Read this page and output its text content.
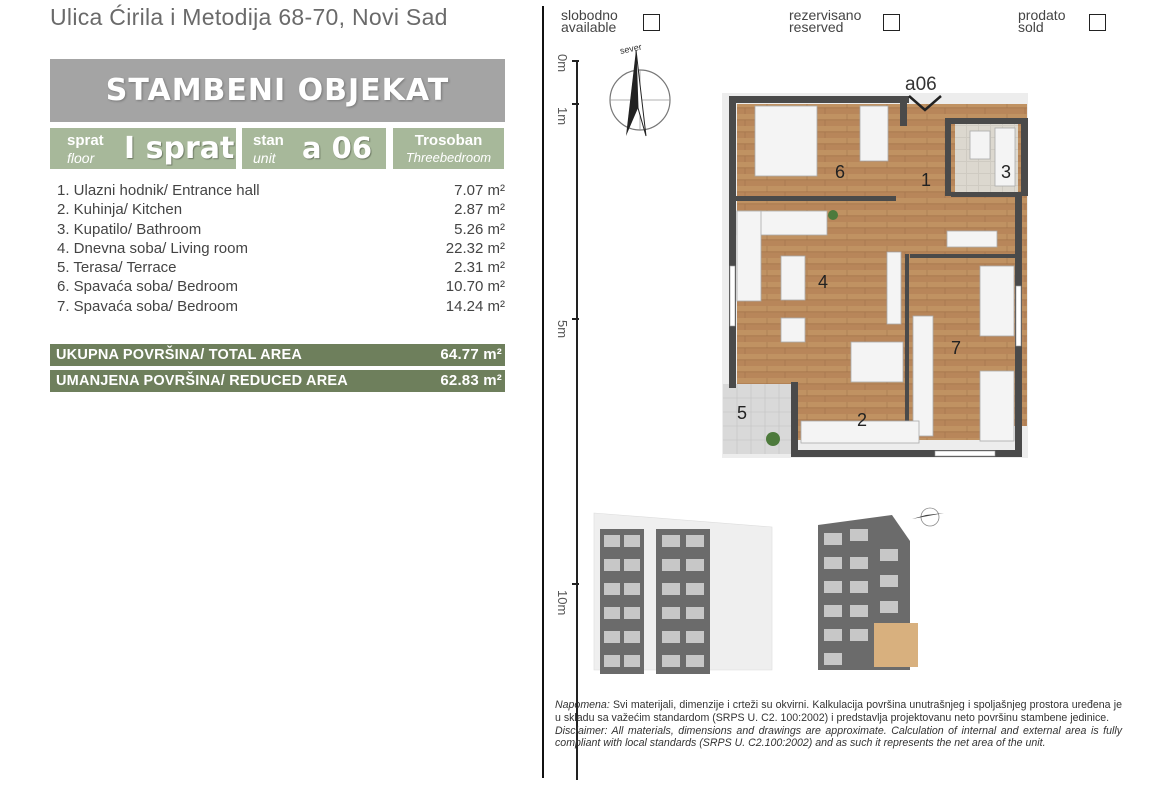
Ulica Ćirila i Metodija 68-70, Novi Sad
STAMBENI OBJEKAT
sprat
floor I sprat stan
unit a 06	Trosoban
Threebedroom
1. Ulazni hodnik/ Entrance hall	7.07 m²
2. Kuhinja/ Kitchen	2.87 m²
3. Kupatilo/ Bathroom	5.26 m²
4. Dnevna soba/ Living room	22.32 m²
5. Terasa/ Terrace	2.31 m²
6. Spavaća soba/ Bedroom	10.70 m²
7. Spavaća soba/ Bedroom	14.24 m²
UKUPNA POVRŠINA/ TOTAL AREA	64.77 m²
UMANJENA POVRŠINA/ REDUCED AREA	62.83 m²
slobodno
available
rezervisano
reserved
prodato
sold
0m
1m
5m
10m
sever
a06
1
2
3
4
5
6
7
Napomena: Svi materijali, dimenzije i crteži su okvirni. Kalkulacija površina unutrašnjeg i spoljašnjeg prostora uređena je u skladu sa važećim standardom (SRPS U. C2. 100:2002) i predstavlja projektovanu neto površinu stambene jedinice.
Disclaimer: All materials, dimensions and drawings are approximate. Calculation of internal and external area is fully compliant with local standards (SRPS U. C2.100:2002) and as such it represents the net area of the unit.
